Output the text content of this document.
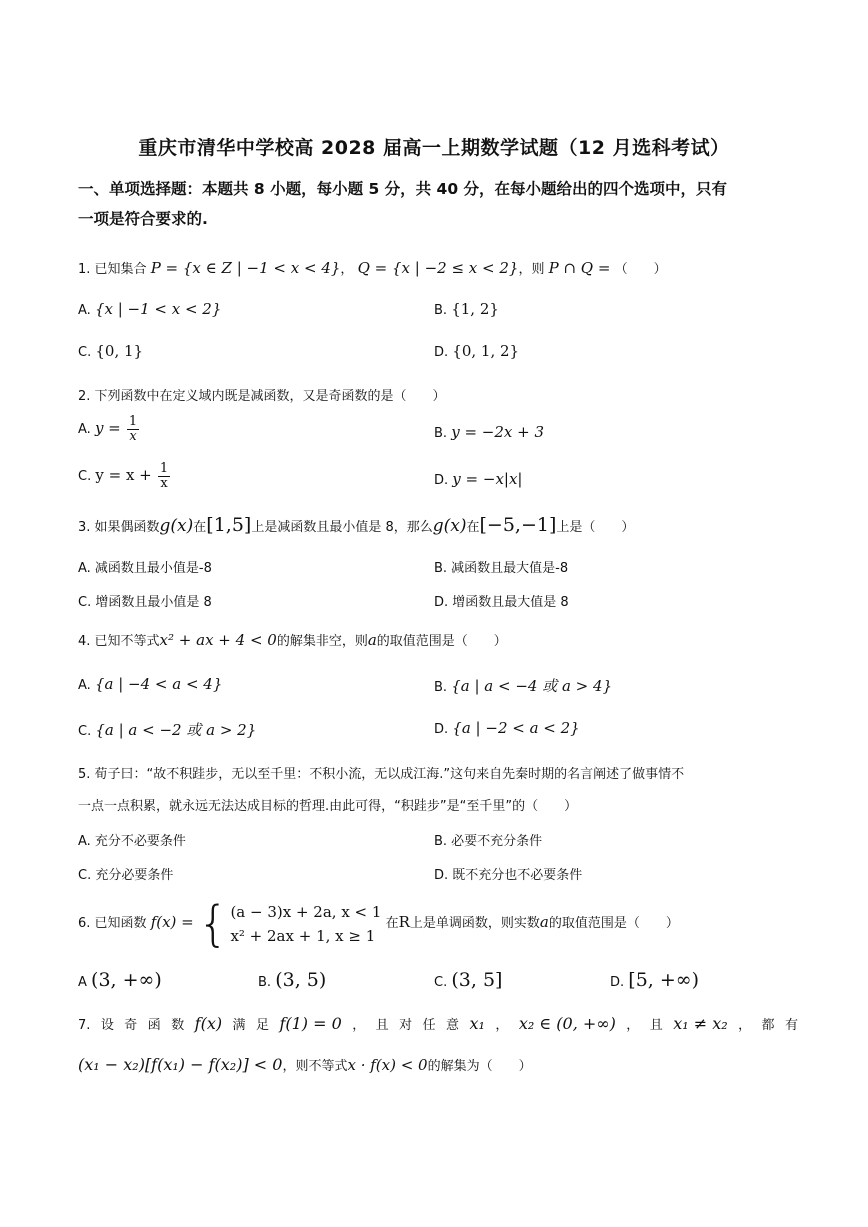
重庆市清华中学校高 2028 届高一上期数学试题（12 月选科考试）
一、单项选择题：本题共 8 小题，每小题 5 分，共 40 分，在每小题给出的四个选项中，只有
一项是符合要求的.
1. 已知集合 P = {x ∈ Z | −1 < x < 4}， Q = {x | −2 ≤ x < 2}，则 P ∩ Q = （　　）
A. {x | −1 < x < 2}	B. {1, 2}
C. {0, 1}	D. {0, 1, 2}
2. 下列函数中在定义域内既是减函数，又是奇函数的是（　　）
A. $y = \frac{1}{x}$	B. y = −2x + 3
C. $y = x + \frac{1}{x}$	D. y = −x|x|
3. 如果偶函数g(x)在[1,5]上是减函数且最小值是 8，那么g(x)在[−5,−1]上是（　　）
A. 减函数且最小值是-8	B. 减函数且最大值是-8
C. 增函数且最小值是 8	D. 增函数且最大值是 8
4. 已知不等式x² + ax + 4 < 0的解集非空，则a的取值范围是（　　）
A. {a | −4 < a < 4}	B. {a | a < −4 或 a > 4}
C. {a | a < −2 或 a > 2}	D. {a | −2 < a < 2}
5. 荀子曰：“故不积跬步，无以至千里：不积小流，无以成江海.”这句来自先秦时期的名言阐述了做事情不
一点一点积累，就永远无法达成目标的哲理.由此可得，“积跬步”是“至千里”的（　　）
A. 充分不必要条件	B. 必要不充分条件
C. 充分必要条件	D. 既不充分也不必要条件
6. 已知函数 f(x) = { (a − 3)x + 2a, x < 1
x² + 2ax + 1, x ≥ 1
在R上是单调函数，则实数a的取值范围是（　　）
A (3, +∞)	B. (3, 5)	C. (3, 5]	D. [5, +∞)
7. 设 奇 函 数 f(x) 满 足 f(1) = 0 ， 且 对 任 意 x₁ ， x₂ ∈ (0, +∞) ， 且 x₁ ≠ x₂ ， 都 有
(x₁ − x₂)[f(x₁) − f(x₂)] < 0，则不等式x · f(x) < 0的解集为（　　）
